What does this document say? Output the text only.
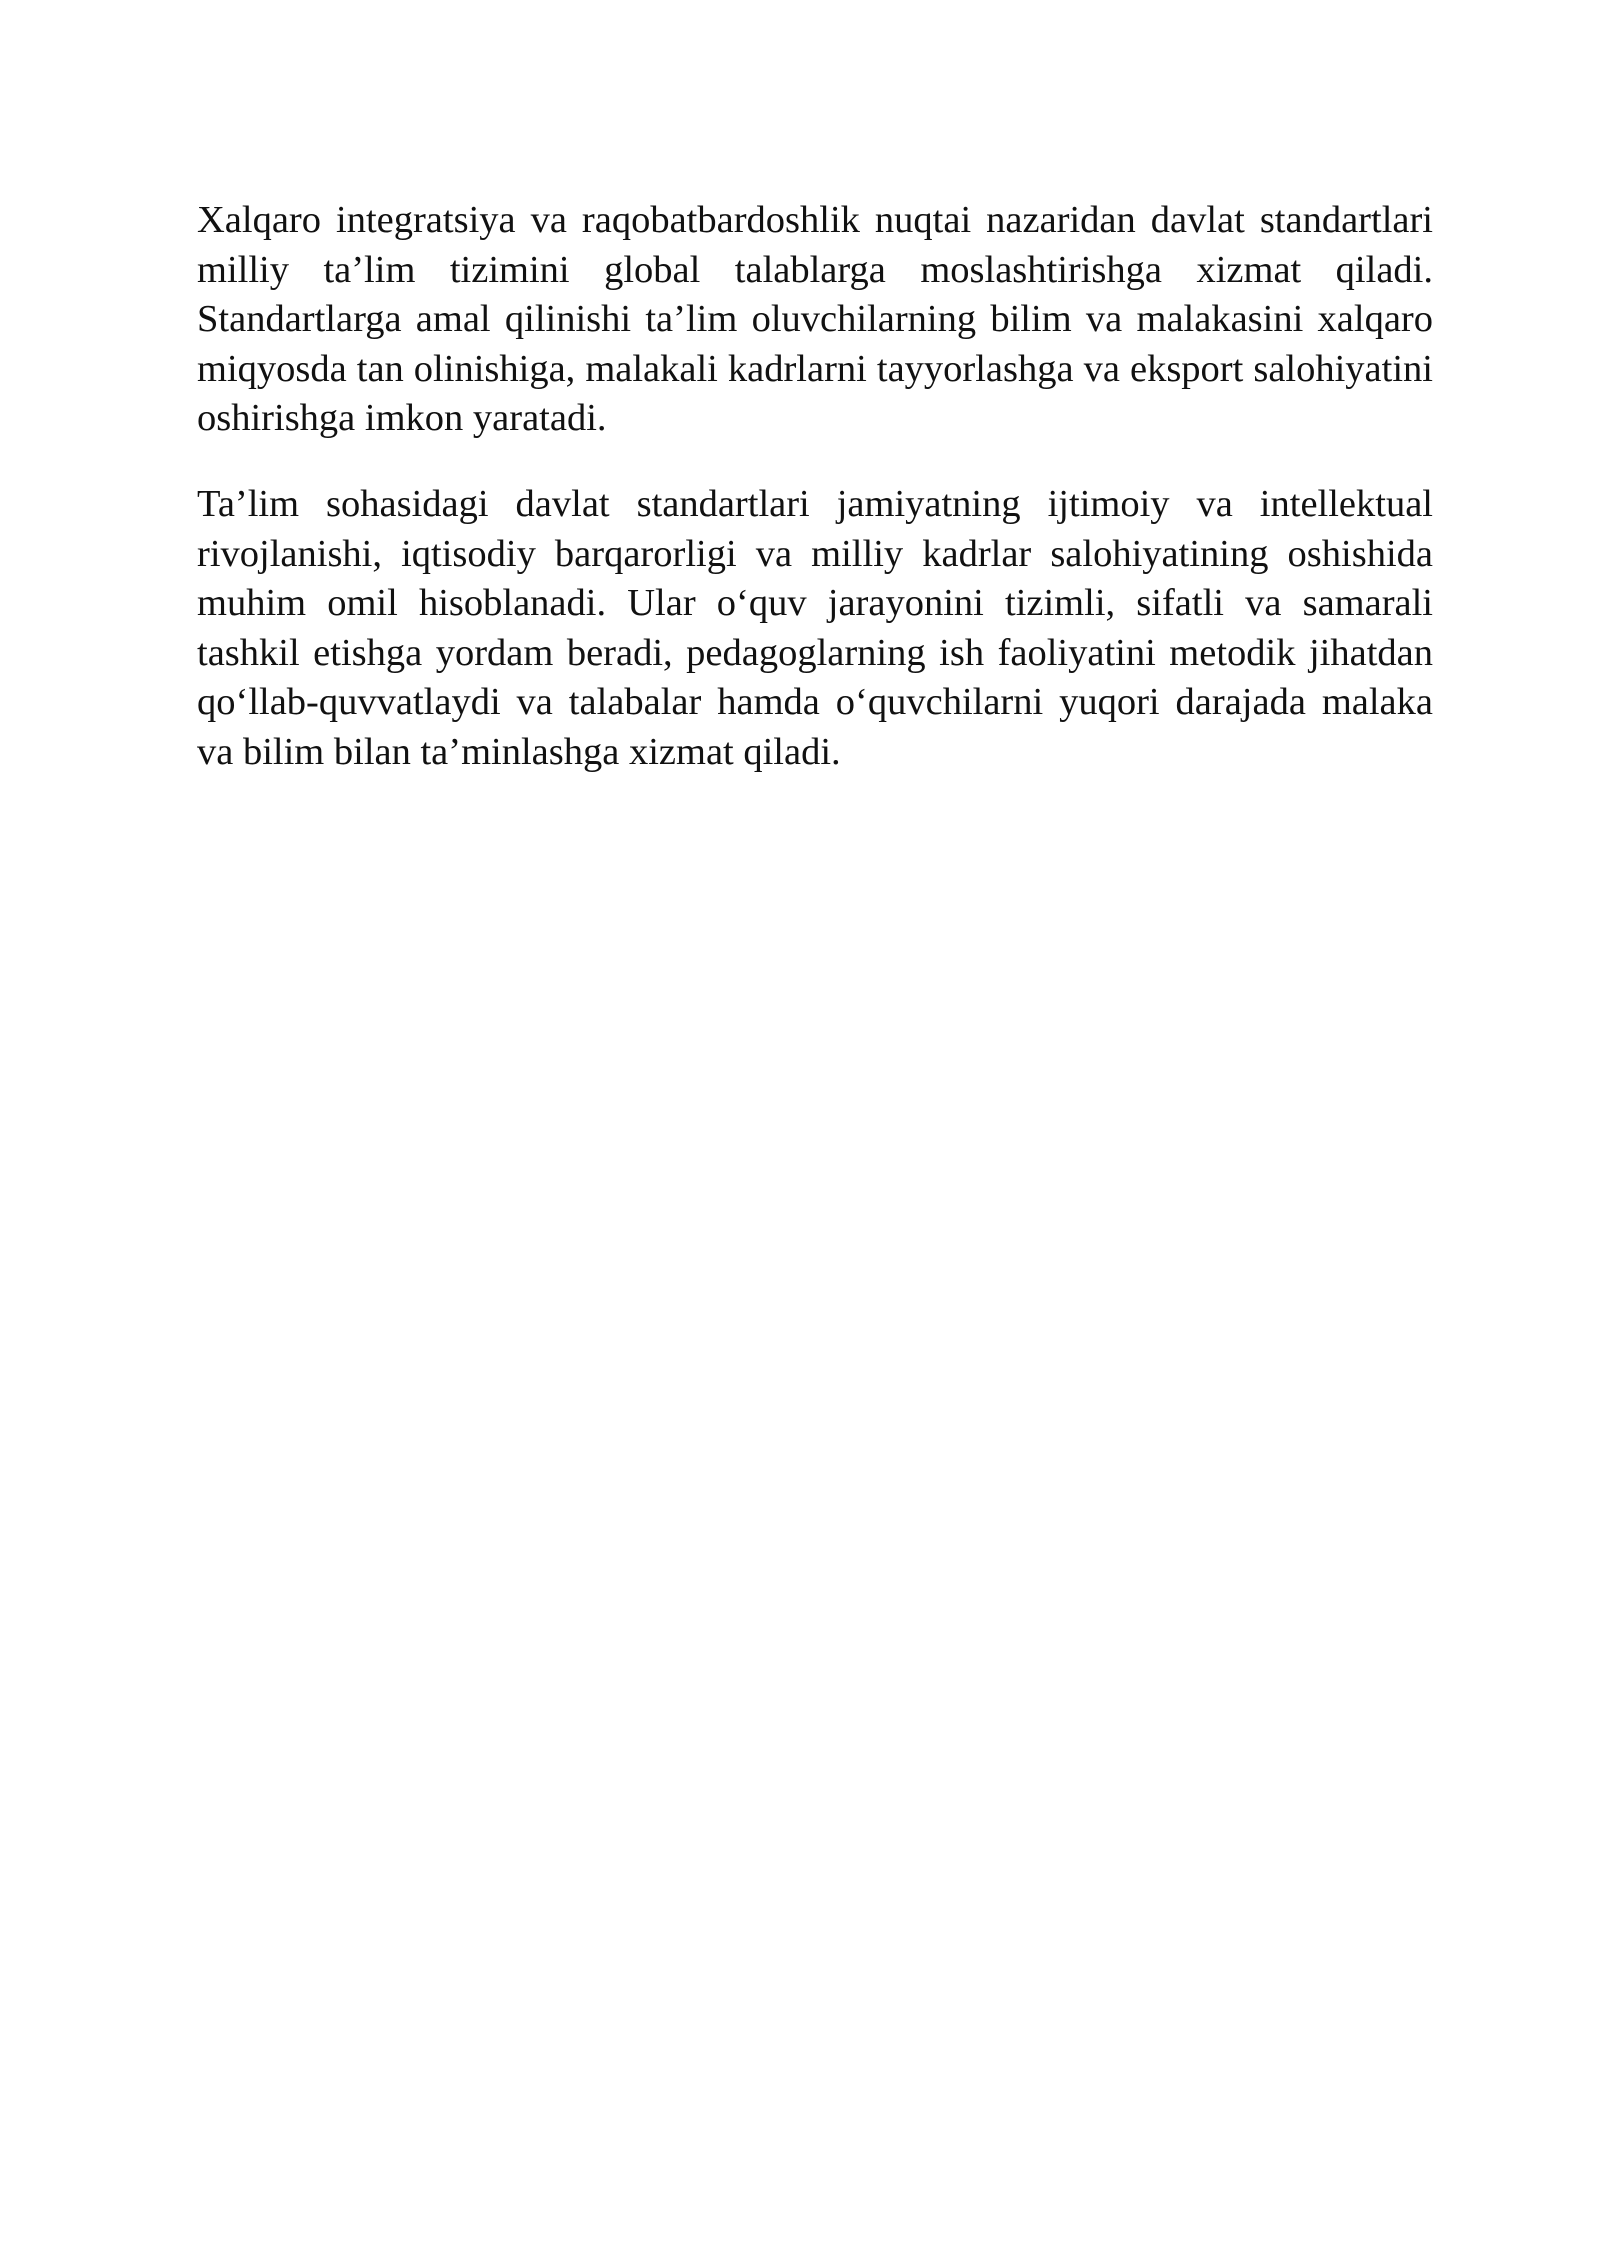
Xalqaro integratsiya va raqobatbardoshlik nuqtai nazaridan davlat standartlari milliy ta’lim tizimini global talablarga moslashtirishga xizmat qiladi. Standartlarga amal qilinishi ta’lim oluvchilarning bilim va malakasini xalqaro miqyosda tan olinishiga, malakali kadrlarni tayyorlashga va eksport salohiyatini oshirishga imkon yaratadi.

Ta’lim sohasidagi davlat standartlari jamiyatning ijtimoiy va intellektual rivojlanishi, iqtisodiy barqarorligi va milliy kadrlar salohiyatining oshishida muhim omil hisoblanadi. Ular o‘quv jarayonini tizimli, sifatli va samarali tashkil etishga yordam beradi, pedagoglarning ish faoliyatini metodik jihatdan qo‘llab-quvvatlaydi va talabalar hamda o‘quvchilarni yuqori darajada malaka va bilim bilan ta’minlashga xizmat qiladi.
